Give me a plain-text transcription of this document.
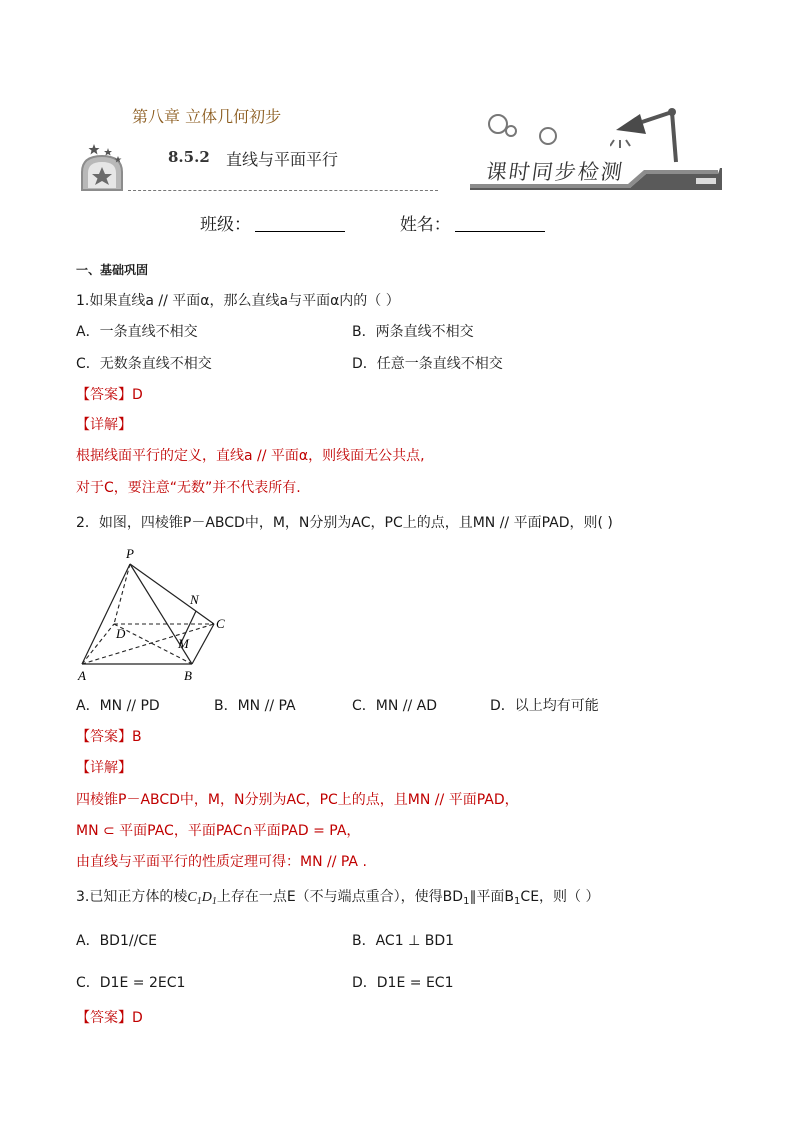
第八章 立体几何初步
8.5.2 直线与平面平行
课时同步检测
班级：	姓名：
一、基础巩固
1.如果直线a // 平面α，那么直线a与平面α内的（ ）
A．一条直线不相交	B．两条直线不相交
C．无数条直线不相交	D．任意一条直线不相交
【答案】D
【详解】
根据线面平行的定义，直线a // 平面α，则线面无公共点,
对于C，要注意“无数”并不代表所有.
2．如图，四棱锥P－ABCD中，M，N分别为AC，PC上的点，且MN // 平面PAD，则( )
P
N
C
D
M
A	B
A．MN // PD	B．MN // PA	C．MN // AD	D．以上均有可能
【答案】B
【详解】
四棱锥P－ABCD中，M，N分别为AC，PC上的点，且MN // 平面PAD，
MN ⊂ 平面PAC，平面PAC∩平面PAD = PA，
由直线与平面平行的性质定理可得：MN // PA .
3.已知正方体的棱$C_1D_1$上存在一点E（不与端点重合），使得$BD_1\parallel$平面$B_1CE$，则（ ）
A．BD1//CE	B．AC1 ⊥ BD1
C．D1E = 2EC1	D．D1E = EC1
【答案】D
